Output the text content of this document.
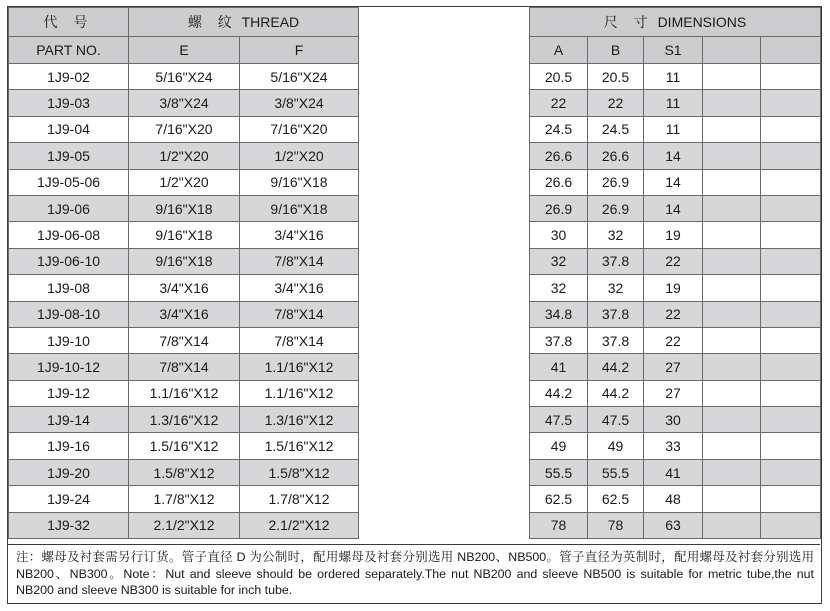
代 号	螺 纹 THREAD			尺 寸 DIMENSIONS				
PART NO.	E	F		A	B	S1		
1J9-02	5/16"X24	5/16"X24		20.5	20.5	11		
1J9-03	3/8"X24	3/8"X24		22	22	11		
1J9-04	7/16"X20	7/16"X20		24.5	24.5	11		
1J9-05	1/2"X20	1/2"X20		26.6	26.6	14		
1J9-05-06	1/2"X20	9/16"X18		26.6	26.9	14		
1J9-06	9/16"X18	9/16"X18		26.9	26.9	14		
1J9-06-08	9/16"X18	3/4"X16		30	32	19		
1J9-06-10	9/16"X18	7/8"X14		32	37.8	22		
1J9-08	3/4"X16	3/4"X16		32	32	19		
1J9-08-10	3/4"X16	7/8"X14		34.8	37.8	22		
1J9-10	7/8"X14	7/8"X14		37.8	37.8	22		
1J9-10-12	7/8"X14	1.1/16"X12		41	44.2	27		
1J9-12	1.1/16"X12	1.1/16"X12		44.2	44.2	27		
1J9-14	1.3/16"X12	1.3/16"X12		47.5	47.5	30		
1J9-16	1.5/16"X12	1.5/16"X12		49	49	33		
1J9-20	1.5/8"X12	1.5/8"X12		55.5	55.5	41		
1J9-24	1.7/8"X12	1.7/8"X12		62.5	62.5	48		
1J9-32	2.1/2"X12	2.1/2"X12		78	78	63		
注：螺母及衬套需另行订货。管子直径 D 为公制时，配用螺母及衬套分别选用 NB200、NB500。管子直径为英制时，配用螺母及衬套分别选用 NB200、NB300。Note：Nut and sleeve should be ordered separately.The nut NB200 and sleeve NB500 is suitable for metric tube,the nut NB200 and sleeve NB300 is suitable for inch tube.
